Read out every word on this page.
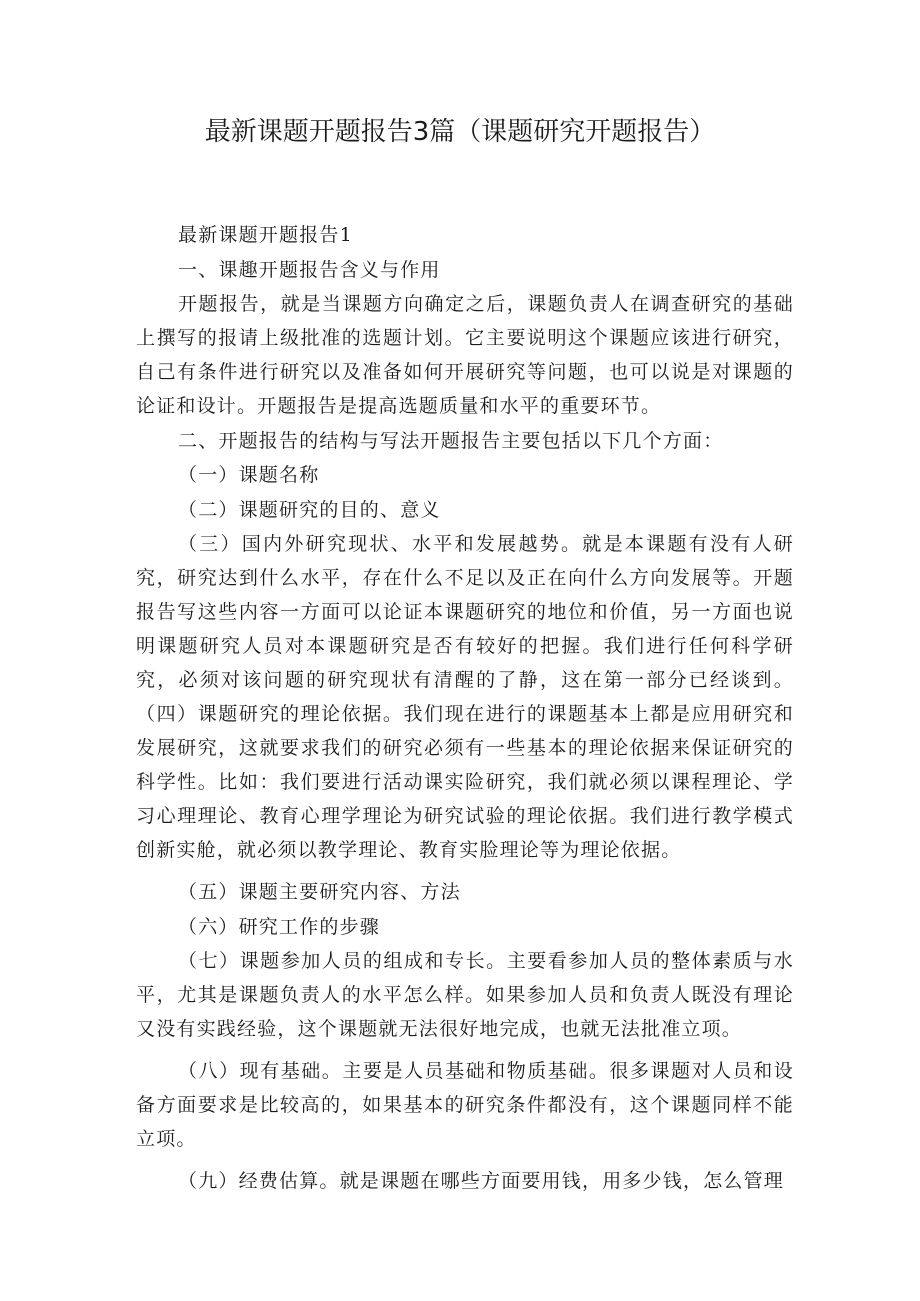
最新课题开题报告3篇（课题研究开题报告）

最新课题开题报告1

一、课趣开题报告含义与作用

开题报告，就是当课题方向确定之后，课题负责人在调查研究的基础上撰写的报请上级批准的选题计划。它主要说明这个课题应该进行研究，自己有条件进行研究以及准备如何开展研究等问题，也可以说是对课题的论证和设计。开题报告是提高选题质量和水平的重要环节。

二、开题报告的结构与写法开题报告主要包括以下几个方面：

（一）课题名称

（二）课题研究的目的、意义

（三）国内外研究现状、水平和发展越势。就是本课题有没有人研究，研究达到什么水平，存在什么不足以及正在向什么方向发展等。开题报告写这些内容一方面可以论证本课题研究的地位和价值，另一方面也说明课题研究人员对本课题研究是否有较好的把握。我们进行任何科学研究，必须对该问题的研究现状有清醒的了静，这在第一部分已经谈到。（四）课题研究的理论依据。我们现在进行的课题基本上都是应用研究和发展研究，这就要求我们的研究必须有一些基本的理论依据来保证研究的科学性。比如：我们要进行活动课实险研究，我们就必须以课程理论、学习心理理论、教育心理学理论为研究试验的理论依据。我们进行教学模式创新实舱，就必须以教学理论、教育实脸理论等为理论依据。

（五）课题主要研究内容、方法

（六）研究工作的步骤

（七）课题参加人员的组成和专长。主要看参加人员的整体素质与水平，尤其是课题负责人的水平怎么样。如果参加人员和负责人既没有理论又没有实践经验，这个课题就无法很好地完成，也就无法批准立项。

（八）现有基础。主要是人员基础和物质基础。很多课题对人员和设备方面要求是比较高的，如果基本的研究条件都没有，这个课题同样不能立项。

（九）经费估算。就是课题在哪些方面要用钱，用多少钱，怎么管理
